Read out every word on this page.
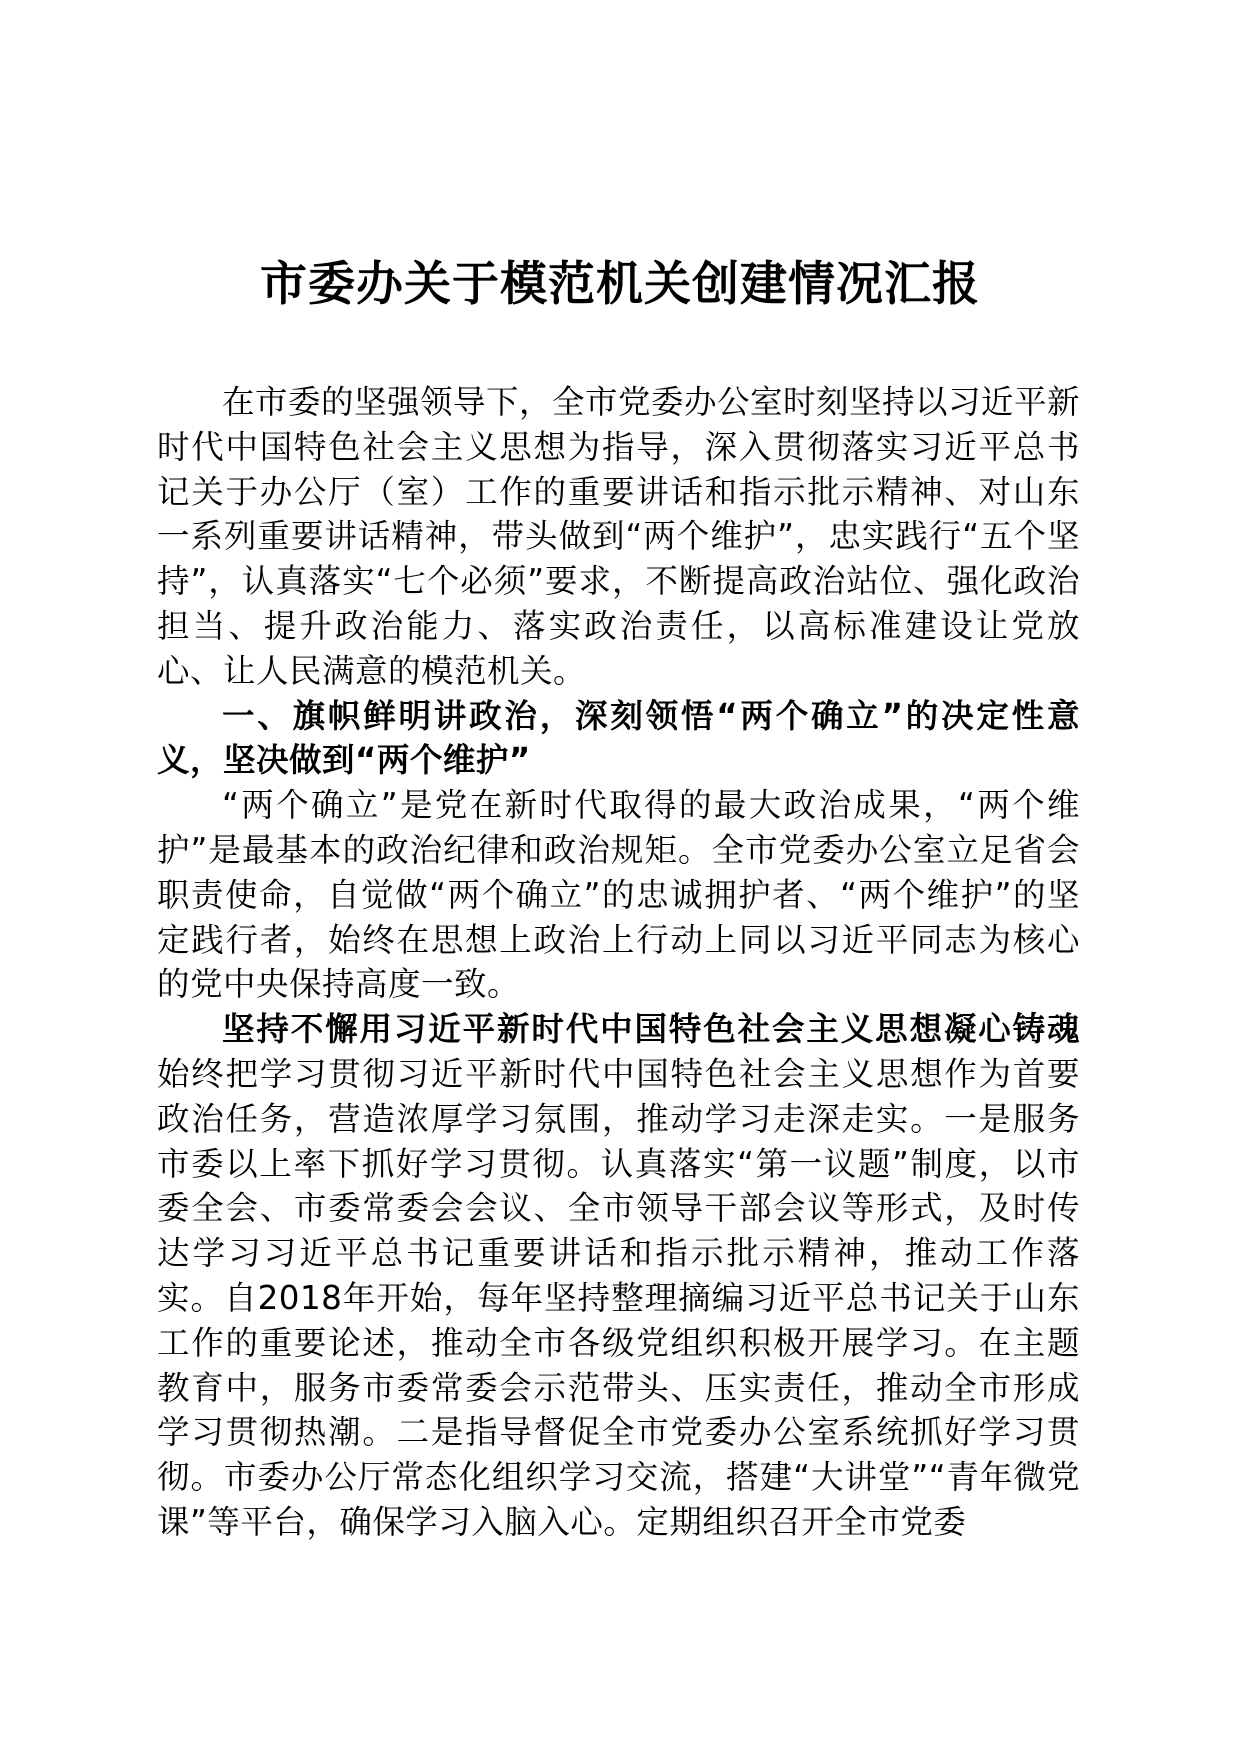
市委办关于模范机关创建情况汇报

在市委的坚强领导下，全市党委办公室时刻坚持以习近平新时代中国特色社会主义思想为指导，深入贯彻落实习近平总书记关于办公厅（室）工作的重要讲话和指示批示精神、对山东一系列重要讲话精神，带头做到“两个维护”，忠实践行“五个坚持”，认真落实“七个必须”要求，不断提高政治站位、强化政治担当、提升政治能力、落实政治责任，以高标准建设让党放心、让人民满意的模范机关。

一、旗帜鲜明讲政治，深刻领悟“两个确立”的决定性意义，坚决做到“两个维护”

“两个确立”是党在新时代取得的最大政治成果，“两个维护”是最基本的政治纪律和政治规矩。全市党委办公室立足省会职责使命，自觉做“两个确立”的忠诚拥护者、“两个维护”的坚定践行者，始终在思想上政治上行动上同以习近平同志为核心的党中央保持高度一致。

坚持不懈用习近平新时代中国特色社会主义思想凝心铸魂始终把学习贯彻习近平新时代中国特色社会主义思想作为首要政治任务，营造浓厚学习氛围，推动学习走深走实。一是服务市委以上率下抓好学习贯彻。认真落实“第一议题”制度，以市委全会、市委常委会会议、全市领导干部会议等形式，及时传达学习习近平总书记重要讲话和指示批示精神，推动工作落实。自2018年开始，每年坚持整理摘编习近平总书记关于山东工作的重要论述，推动全市各级党组织积极开展学习。在主题教育中，服务市委常委会示范带头、压实责任，推动全市形成学习贯彻热潮。二是指导督促全市党委办公室系统抓好学习贯彻。市委办公厅常态化组织学习交流，搭建“大讲堂”“青年微党课”等平台，确保学习入脑入心。定期组织召开全市党委
